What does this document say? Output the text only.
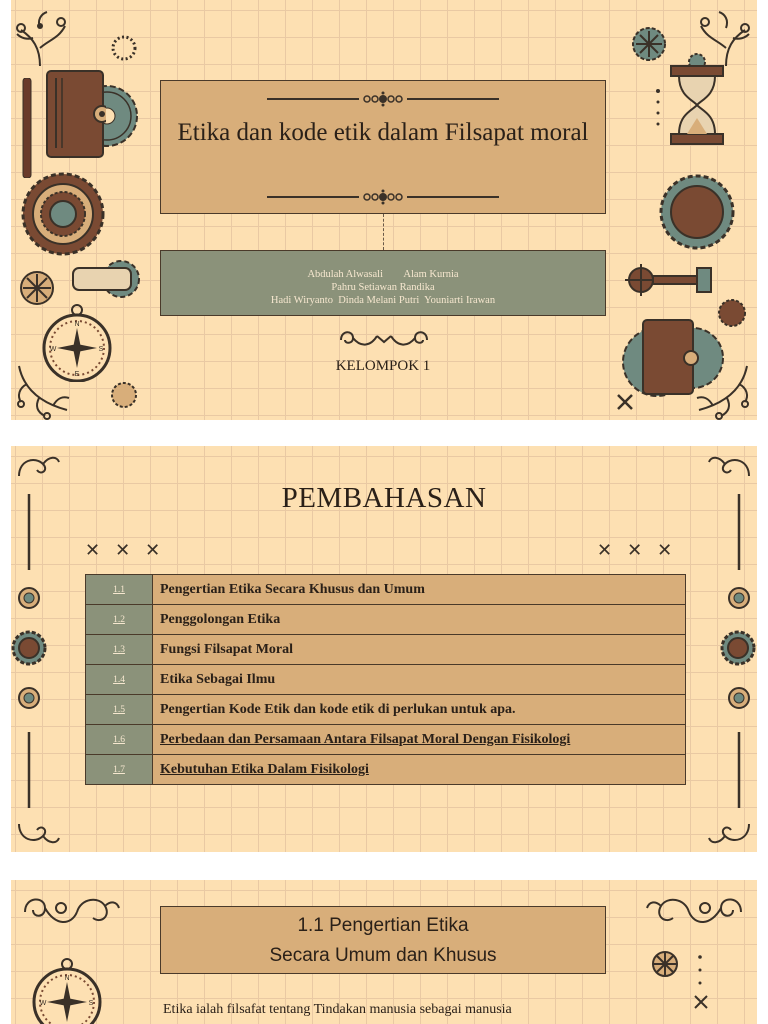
N
E
W	S
Etika dan kode etik dalam Filsapat moral
Abdulah Alwasali        Alam Kurnia
Pahru Setiawan Randika
Hadi Wiryanto  Dinda Melani Putri  Youniarti Irawan
KELOMPOK 1
PEMBAHASAN
✕✕✕	✕✕✕
1.1	Pengertian Etika Secara Khusus dan Umum
1.2	Penggolongan Etika
1.3	Fungsi Filsapat Moral
1.4	Etika Sebagai Ilmu
1.5	Pengertian Kode Etik dan kode etik di perlukan untuk apa.
1.6	Perbedaan dan Persamaan Antara Filsapat Moral Dengan Fisikologi
1.7	Kebutuhan Etika Dalam Fisikologi
N
W	S
1.1 Pengertian Etika
Secara Umum dan Khusus
Etika ialah filsafat tentang Tindakan manusia sebagai manusia
